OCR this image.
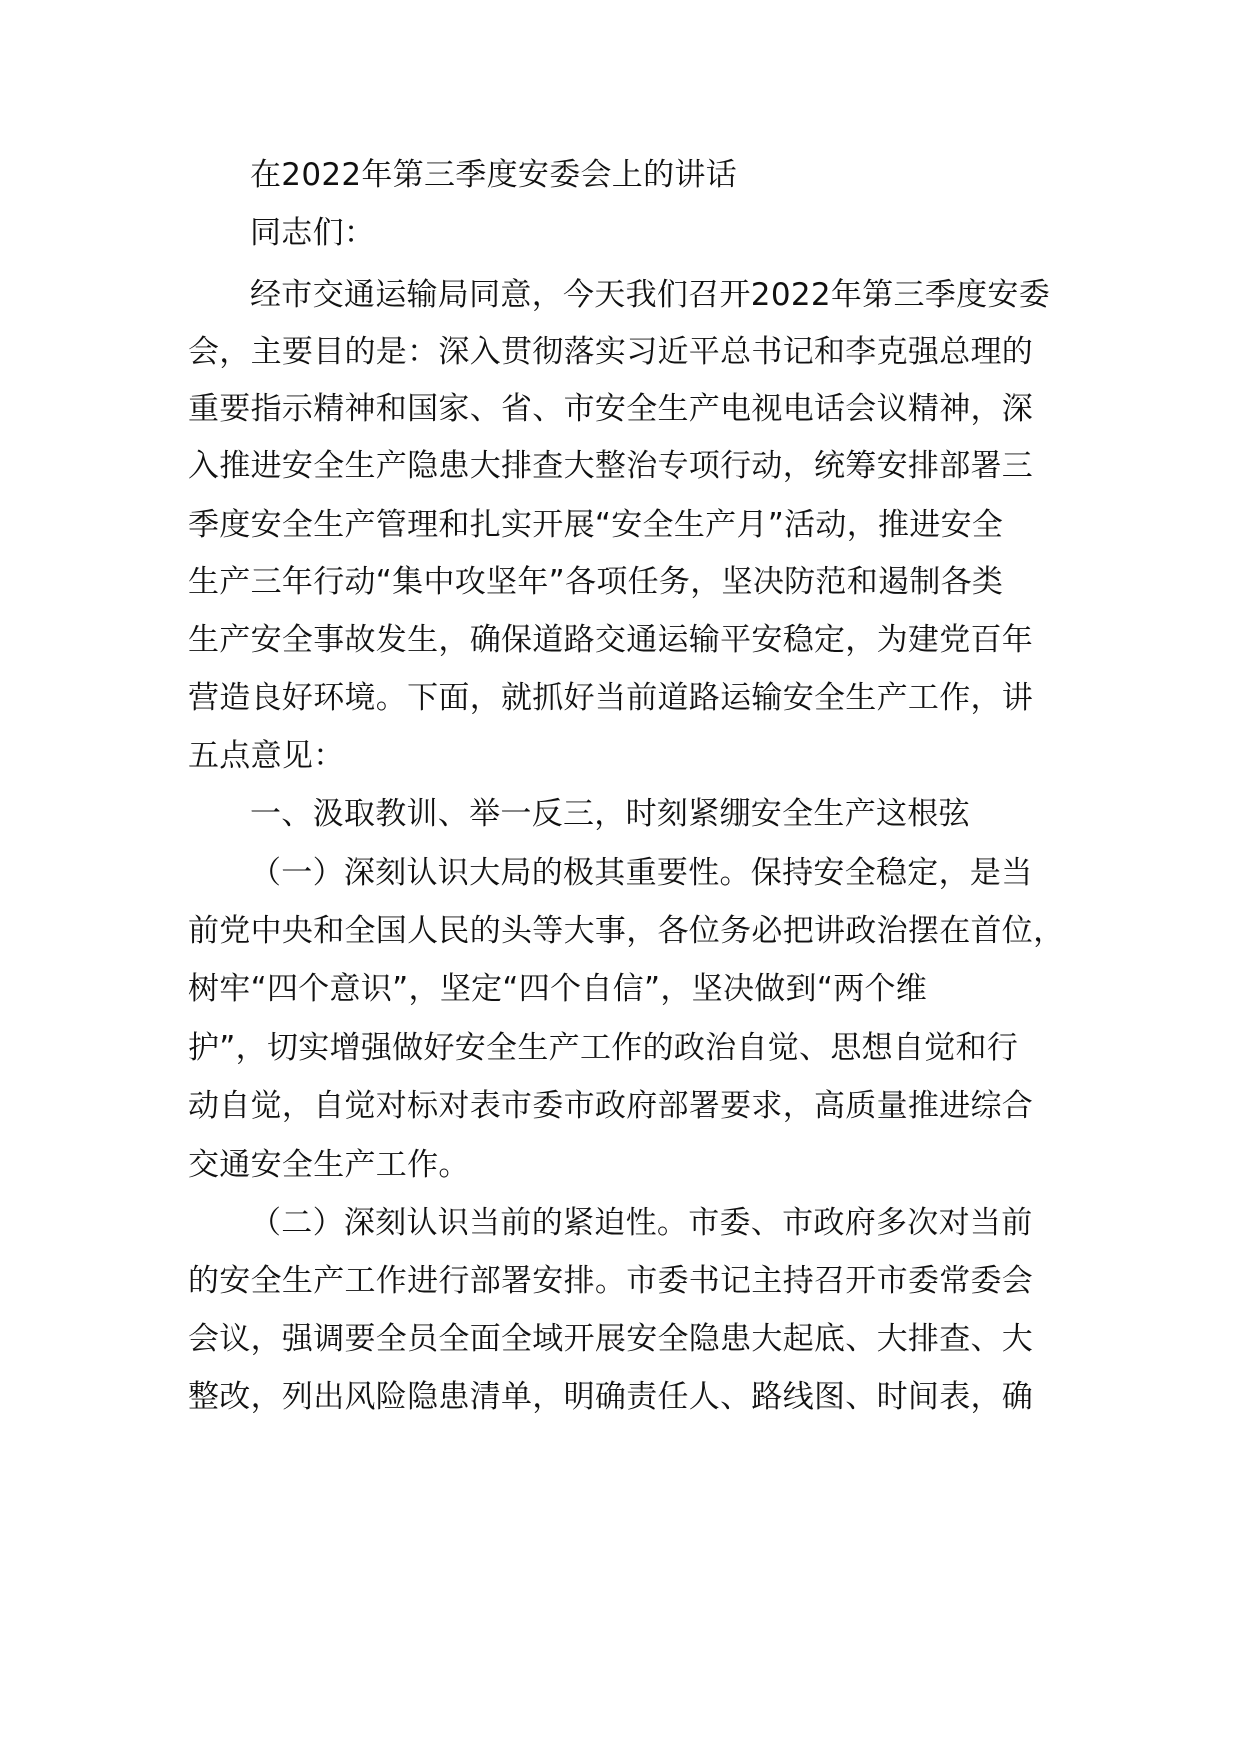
在2022年第三季度安委会上的讲话
同志们：
经市交通运输局同意，今天我们召开2022年第三季度安委
会，主要目的是：深入贯彻落实习近平总书记和李克强总理的
重要指示精神和国家、省、市安全生产电视电话会议精神，深
入推进安全生产隐患大排查大整治专项行动，统筹安排部署三
季度安全生产管理和扎实开展“安全生产月”活动，推进安全
生产三年行动“集中攻坚年”各项任务，坚决防范和遏制各类
生产安全事故发生，确保道路交通运输平安稳定，为建党百年
营造良好环境。下面，就抓好当前道路运输安全生产工作，讲
五点意见：
一、汲取教训、举一反三，时刻紧绷安全生产这根弦
（一）深刻认识大局的极其重要性。保持安全稳定，是当
前党中央和全国人民的头等大事，各位务必把讲政治摆在首位，
树牢“四个意识”，坚定“四个自信”，坚决做到“两个维
护”，切实增强做好安全生产工作的政治自觉、思想自觉和行
动自觉，自觉对标对表市委市政府部署要求，高质量推进综合
交通安全生产工作。
（二）深刻认识当前的紧迫性。市委、市政府多次对当前
的安全生产工作进行部署安排。市委书记主持召开市委常委会
会议，强调要全员全面全域开展安全隐患大起底、大排查、大
整改，列出风险隐患清单，明确责任人、路线图、时间表，确
